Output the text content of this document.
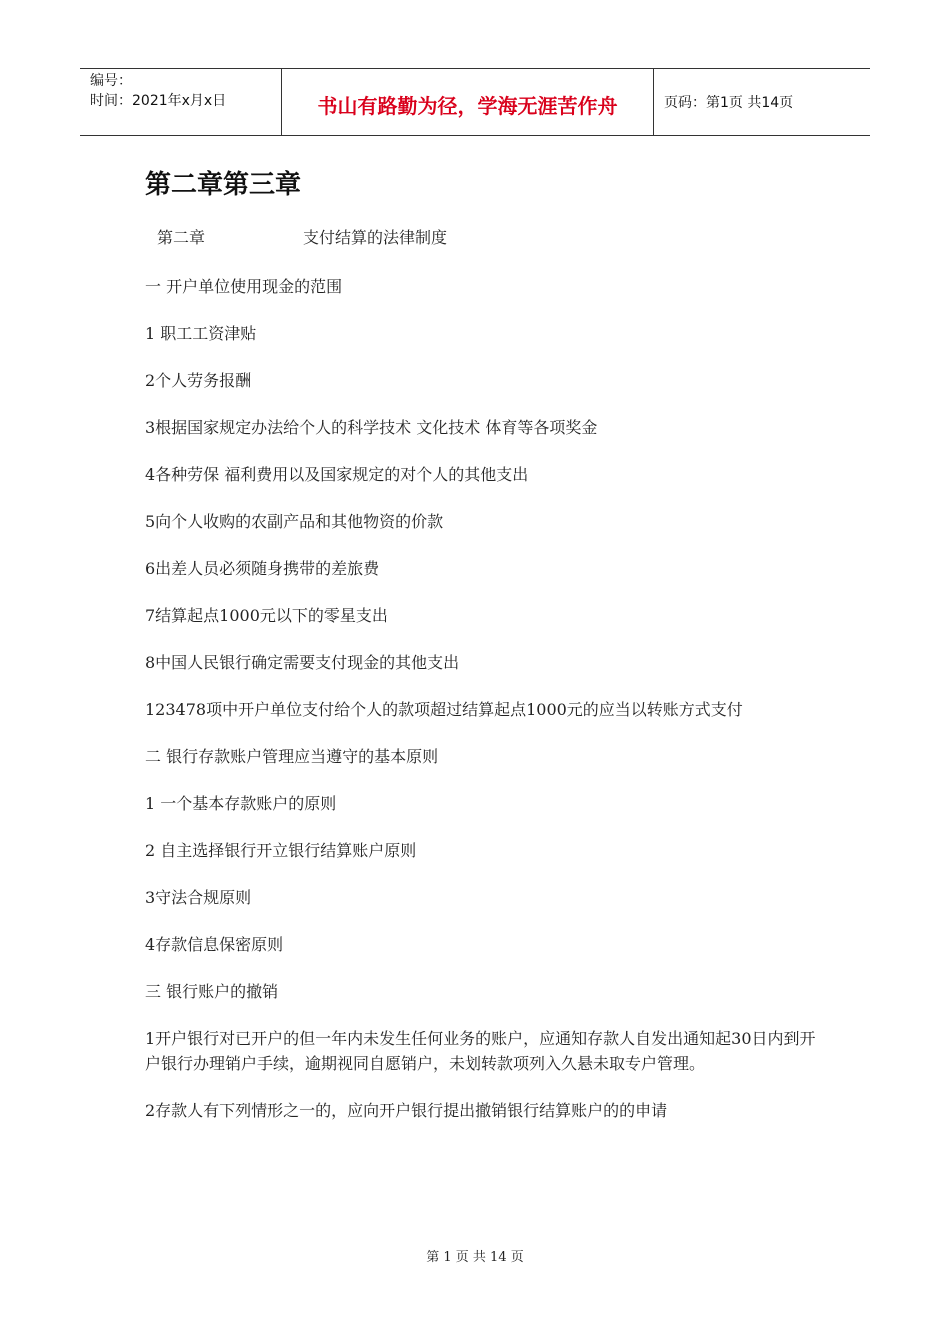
编号：
时间：2021年x月x日	书山有路勤为径，学海无涯苦作舟	页码：第1页 共14页
第二章第三章
第二章	支付结算的法律制度

一 开户单位使用现金的范围

1 职工工资津贴

2个人劳务报酬

3根据国家规定办法给个人的科学技术 文化技术 体育等各项奖金

4各种劳保 福利费用以及国家规定的对个人的其他支出

5向个人收购的农副产品和其他物资的价款

6出差人员必须随身携带的差旅费

7结算起点1000元以下的零星支出

8中国人民银行确定需要支付现金的其他支出

123478项中开户单位支付给个人的款项超过结算起点1000元的应当以转账方式支付

二 银行存款账户管理应当遵守的基本原则

1 一个基本存款账户的原则

2 自主选择银行开立银行结算账户原则

3守法合规原则

4存款信息保密原则

三 银行账户的撤销

1开户银行对已开户的但一年内未发生任何业务的账户，应通知存款人自发出通知起30日内到开户银行办理销户手续，逾期视同自愿销户，未划转款项列入久悬未取专户管理。

2存款人有下列情形之一的，应向开户银行提出撤销银行结算账户的的申请

第 1 页 共 14 页
